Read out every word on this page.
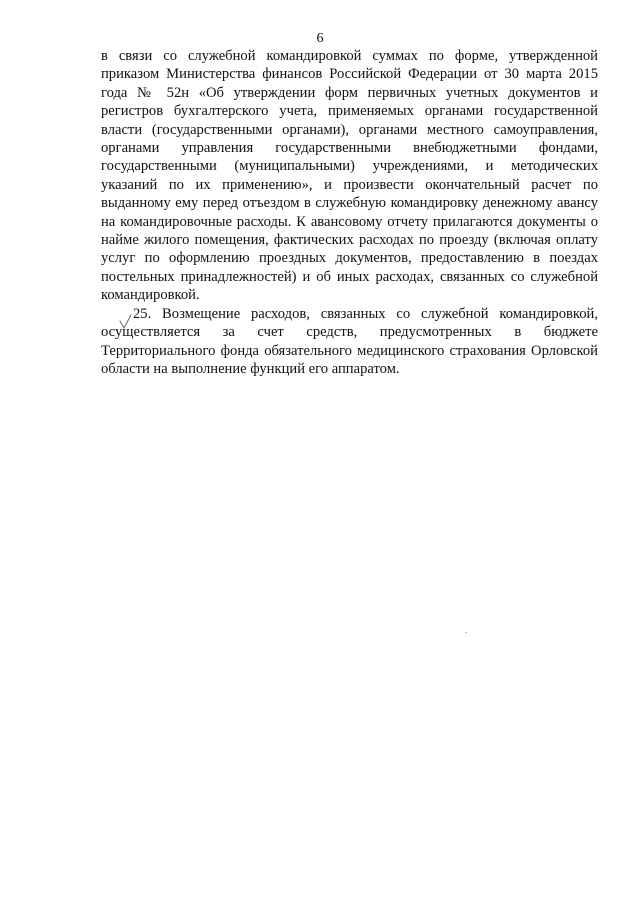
6

в связи со служебной командировкой суммах по форме, утвержденной приказом Министерства финансов Российской Федерации от 30 марта 2015 года № 52н «Об утверждении форм первичных учетных документов и регистров бухгалтерского учета, применяемых органами государственной власти (государственными органами), органами местного самоуправления, органами управления государственными внебюджетными фондами, государственными (муниципальными) учреждениями, и методических указаний по их применению», и произвести окончательный расчет по выданному ему перед отъездом в служебную командировку денежному авансу на командировочные расходы. К авансовому отчету прилагаются документы о найме жилого помещения, фактических расходах по проезду (включая оплату услуг по оформлению проездных документов, предоставлению в поездах постельных принадлежностей) и об иных расходах, связанных со служебной командировкой.

25. Возмещение расходов, связанных со служебной командировкой, осуществляется за счет средств, предусмотренных в бюджете Территориального фонда обязательного медицинского страхования Орловской области на выполнение функций его аппаратом.
